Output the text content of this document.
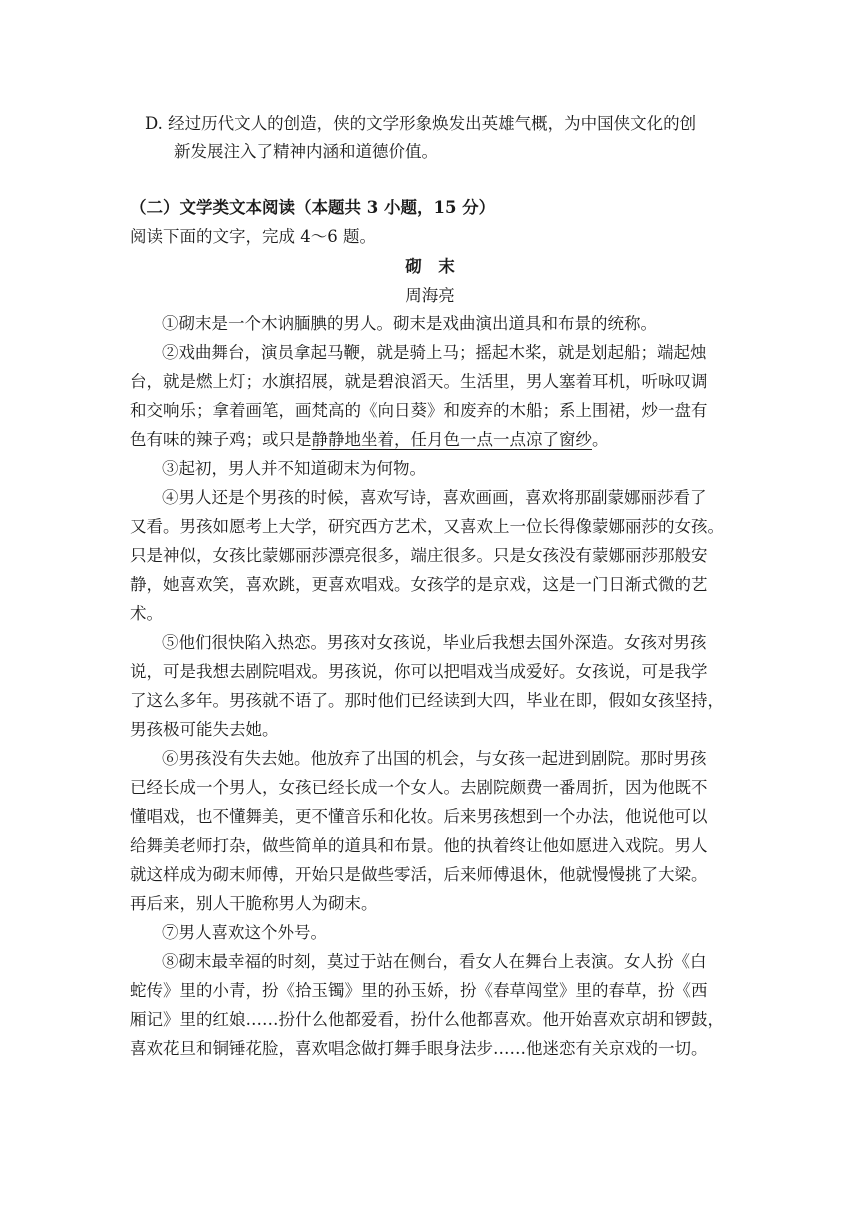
D. 经过历代文人的创造，侠的文学形象焕发出英雄气概，为中国侠文化的创
新发展注入了精神内涵和道德价值。
（二）文学类文本阅读（本题共 3 小题，15 分）
阅读下面的文字，完成 4～6 题。
砌　末
周海亮
①砌末是一个木讷腼腆的男人。砌末是戏曲演出道具和布景的统称。
②戏曲舞台，演员拿起马鞭，就是骑上马；摇起木桨，就是划起船；端起烛
台，就是燃上灯；水旗招展，就是碧浪滔天。生活里，男人塞着耳机，听咏叹调
和交响乐；拿着画笔，画梵高的《向日葵》和废弃的木船；系上围裙，炒一盘有
色有味的辣子鸡；或只是静静地坐着，任月色一点一点凉了窗纱。
③起初，男人并不知道砌末为何物。
④男人还是个男孩的时候，喜欢写诗，喜欢画画，喜欢将那副蒙娜丽莎看了
又看。男孩如愿考上大学，研究西方艺术，又喜欢上一位长得像蒙娜丽莎的女孩。
只是神似，女孩比蒙娜丽莎漂亮很多，端庄很多。只是女孩没有蒙娜丽莎那般安
静，她喜欢笑，喜欢跳，更喜欢唱戏。女孩学的是京戏，这是一门日渐式微的艺
术。
⑤他们很快陷入热恋。男孩对女孩说，毕业后我想去国外深造。女孩对男孩
说，可是我想去剧院唱戏。男孩说，你可以把唱戏当成爱好。女孩说，可是我学
了这么多年。男孩就不语了。那时他们已经读到大四，毕业在即，假如女孩坚持，
男孩极可能失去她。
⑥男孩没有失去她。他放弃了出国的机会，与女孩一起进到剧院。那时男孩
已经长成一个男人，女孩已经长成一个女人。去剧院颇费一番周折，因为他既不
懂唱戏，也不懂舞美，更不懂音乐和化妆。后来男孩想到一个办法，他说他可以
给舞美老师打杂，做些简单的道具和布景。他的执着终让他如愿进入戏院。男人
就这样成为砌末师傅，开始只是做些零活，后来师傅退休，他就慢慢挑了大梁。
再后来，别人干脆称男人为砌末。
⑦男人喜欢这个外号。
⑧砌末最幸福的时刻，莫过于站在侧台，看女人在舞台上表演。女人扮《白
蛇传》里的小青，扮《拾玉镯》里的孙玉娇，扮《春草闯堂》里的春草，扮《西
厢记》里的红娘……扮什么他都爱看，扮什么他都喜欢。他开始喜欢京胡和锣鼓，
喜欢花旦和铜锤花脸，喜欢唱念做打舞手眼身法步……他迷恋有关京戏的一切。
